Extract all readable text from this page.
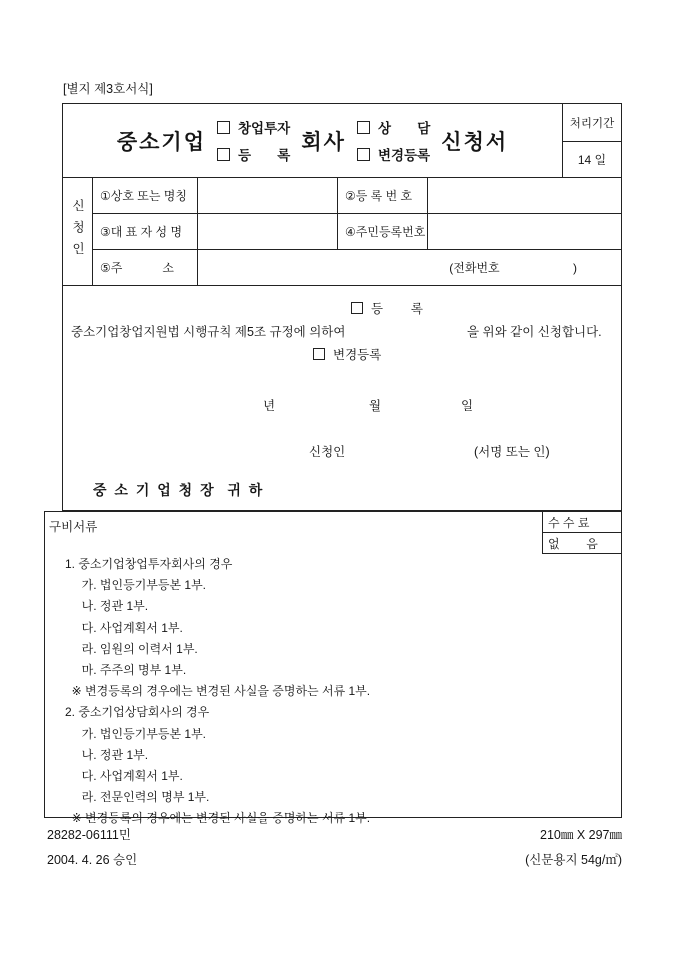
[별지 제3호서식]
중소기업
창업투자
등       록
회사
상       담
변경등록
신청서
처리기간
14 일
신청인
①상호 또는 명칭	②등 록 번 호
③대 표 자 성 명	④주민등록번호
⑤주            소	(전화번호                      )
등        록
중소기업창업지원법 시행규칙 제5조 규정에 의하여	을 위와 같이 신청합니다.
변경등록
년	월	일
신청인	(서명 또는 인)
중 소 기 업 청 장  귀 하
구비서류	수 수 료
없        음
1. 중소기업창업투자회사의 경우
가. 법인등기부등본 1부.
나. 정관 1부.
다. 사업계획서 1부.
라. 임원의 이력서 1부.
마. 주주의 명부 1부.
※ 변경등록의 경우에는 변경된 사실을 증명하는 서류 1부.
2. 중소기업상담회사의 경우
가. 법인등기부등본 1부.
나. 정관 1부.
다. 사업계획서 1부.
라. 전문인력의 명부 1부.
※ 변경등록의 경우에는 변경된 사실을 증명하는 서류 1부.
28282-06111민
2004. 4. 26 승인
210㎜ X 297㎜
(신문용지 54g/㎡)
